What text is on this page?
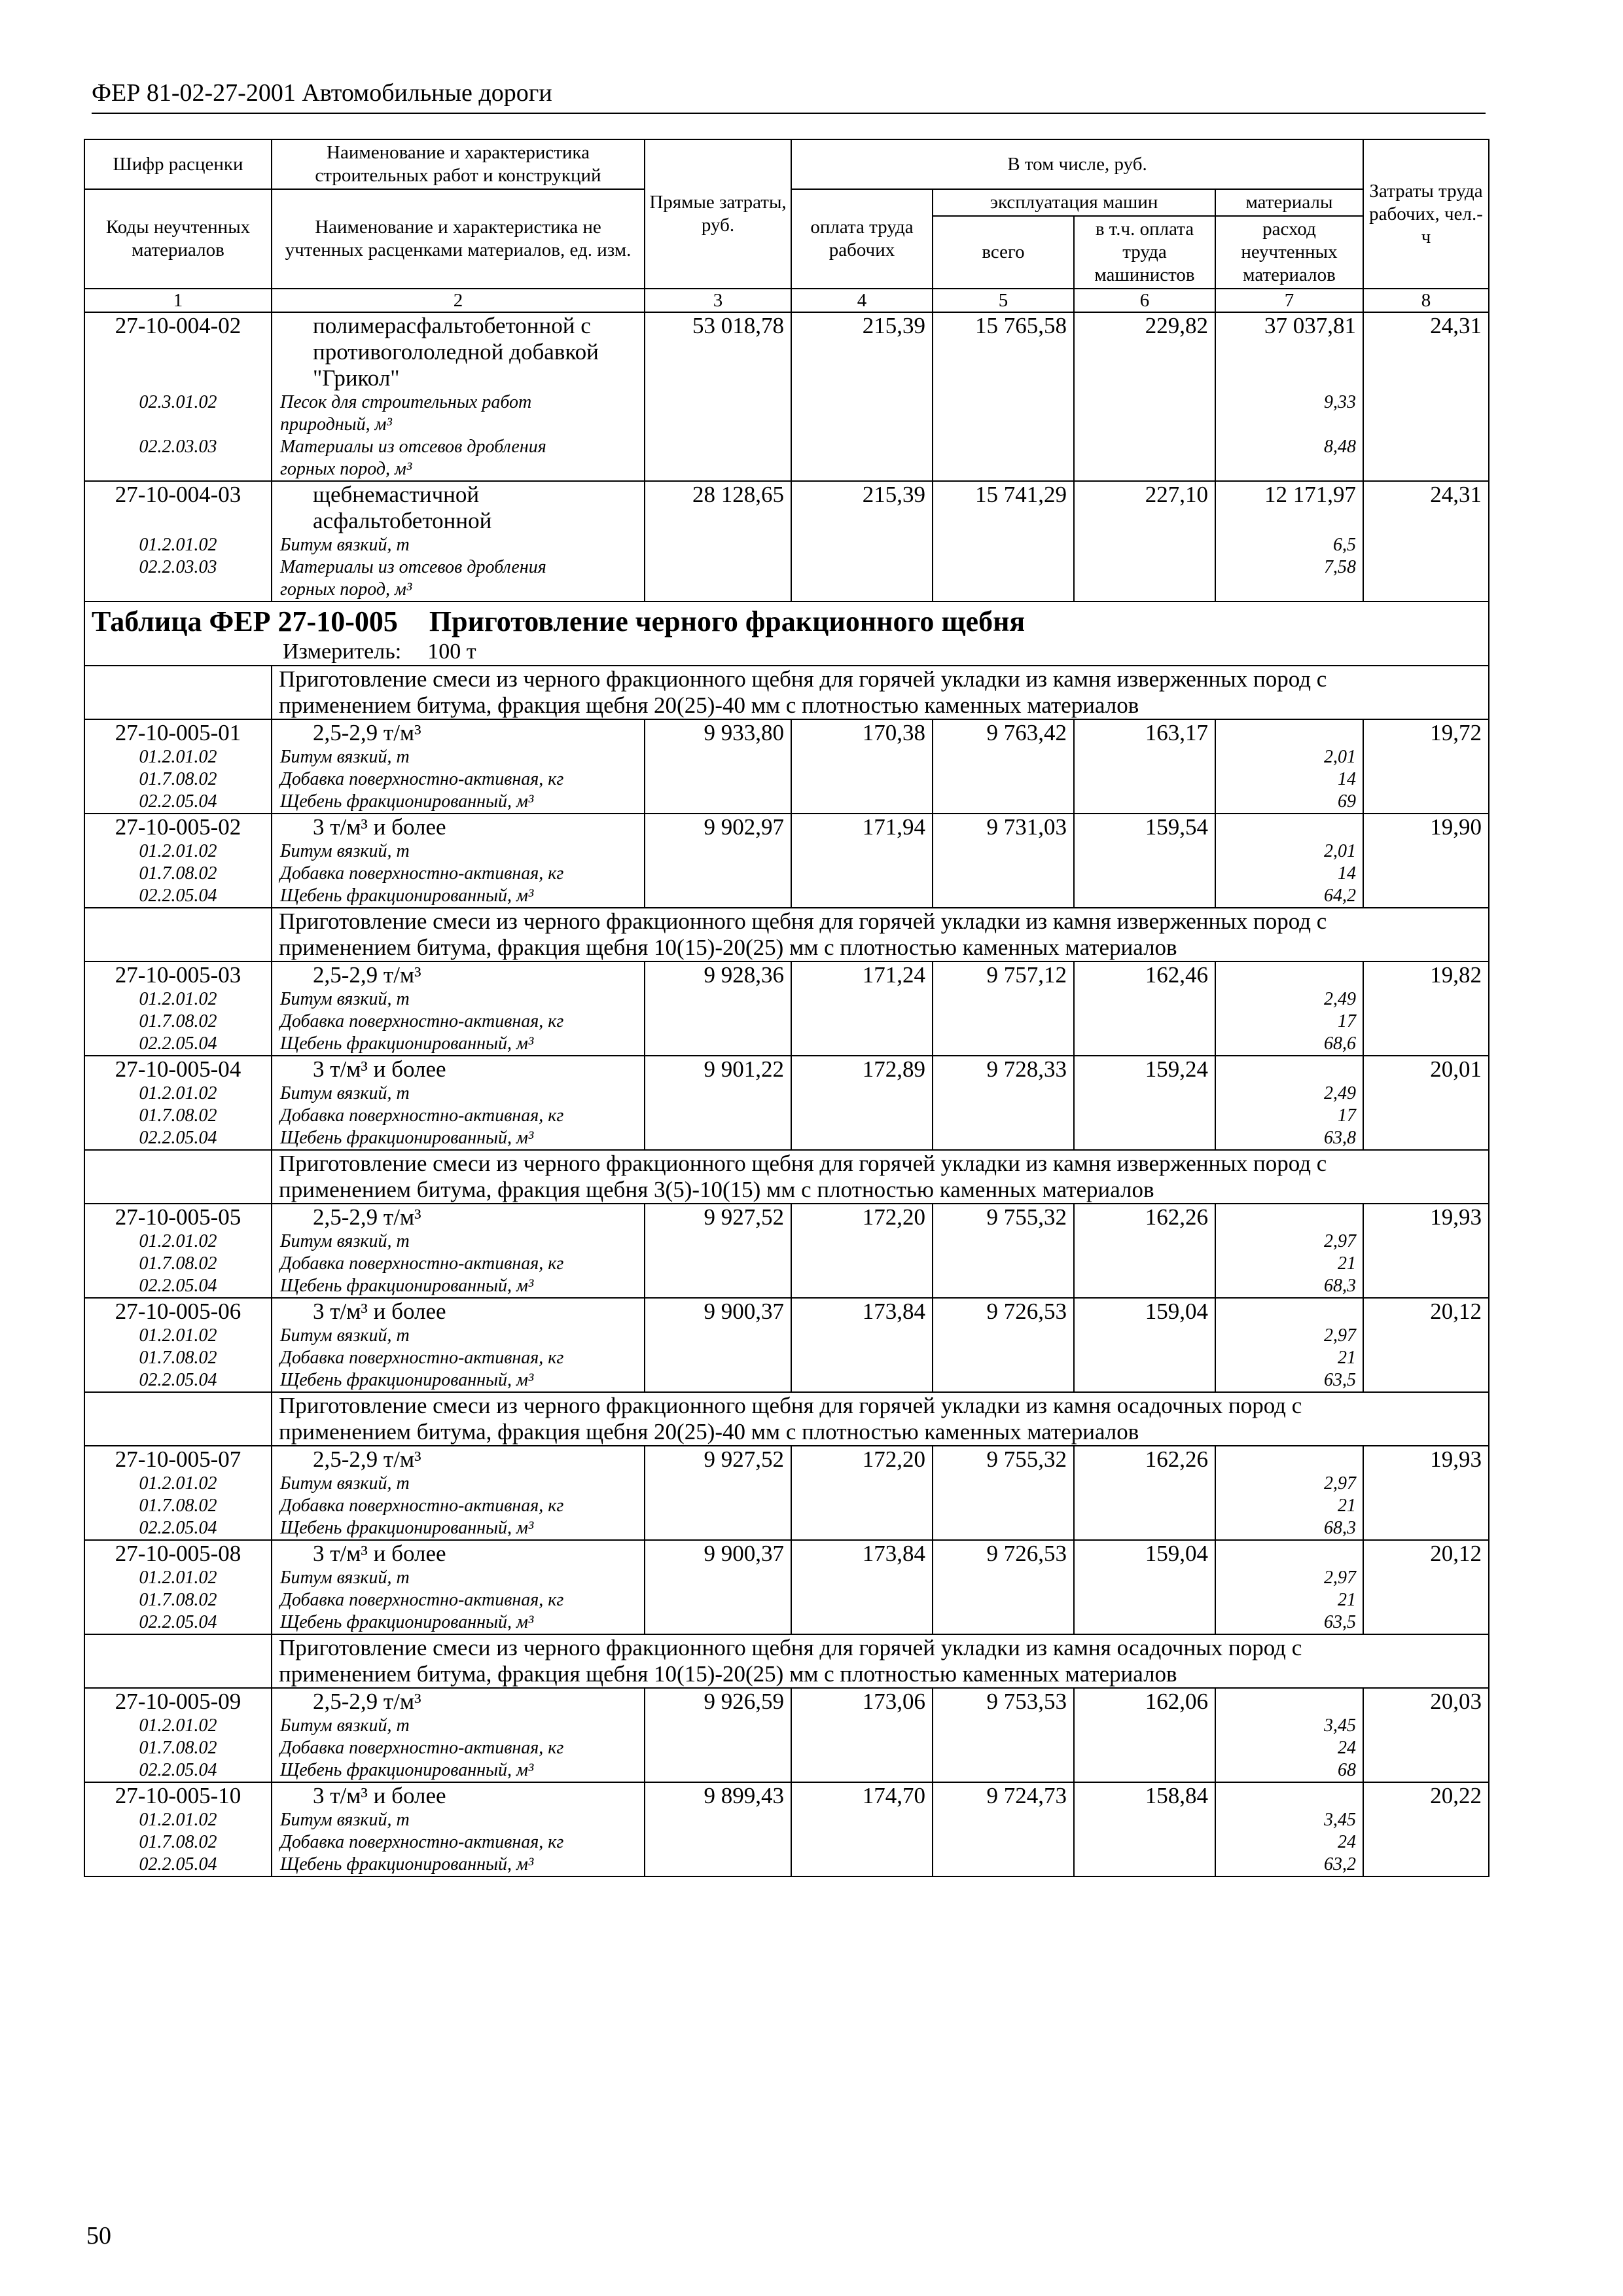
ФЕР 81-02-27-2001 Автомобильные дороги
Шифр расценки	Наименование и характеристика строительных работ и конструкций	Прямые затраты, руб.	В том числе, руб.				Затраты труда рабочих, чел.-ч
Коды неучтенных материалов	Наименование и характеристика не учтенных расценками материалов, ед. изм.		оплата труда рабочих	эксплуатация машин		материалы	
				всего	в т.ч. оплата труда машинистов	расход неучтенных материалов	
1	2	3	4	5	6	7	8
27-10-004-02	полимерасфальтобетонной с
противогололедной добавкой
"Грикол"	53 018,78	215,39	15 765,58	229,82	37 037,81	24,31
02.3.01.02	Песок для строительных работ
природный, м³					9,33	
02.2.03.03	Материалы из отсевов дробления
горных пород, м³					8,48	
27-10-004-03	щебнемастичной
асфальтобетонной	28 128,65	215,39	15 741,29	227,10	12 171,97	24,31
01.2.01.02	Битум вязкий, т					6,5	
02.2.03.03	Материалы из отсевов дробления
горных пород, м³					7,58	

Таблица ФЕР 27-10-005 Приготовление черного фракционного щебня
Измеритель: 100 т							

	Приготовление смеси из черного фракционного щебня для горячей укладки из камня изверженных пород с
применением битума, фракция щебня 20(25)-40 мм с плотностью каменных материалов						
27-10-005-01	2,5-2,9 т/м³	9 933,80	170,38	9 763,42	163,17		19,72
01.2.01.02	Битум вязкий, т					2,01	
01.7.08.02	Добавка поверхностно-активная, кг					14	
02.2.05.04	Щебень фракционированный, м³					69	
27-10-005-02	3 т/м³ и более	9 902,97	171,94	9 731,03	159,54		19,90
01.2.01.02	Битум вязкий, т					2,01	
01.7.08.02	Добавка поверхностно-активная, кг					14	
02.2.05.04	Щебень фракционированный, м³					64,2	
	Приготовление смеси из черного фракционного щебня для горячей укладки из камня изверженных пород с
применением битума, фракция щебня 10(15)-20(25) мм с плотностью каменных материалов						
27-10-005-03	2,5-2,9 т/м³	9 928,36	171,24	9 757,12	162,46		19,82
01.2.01.02	Битум вязкий, т					2,49	
01.7.08.02	Добавка поверхностно-активная, кг					17	
02.2.05.04	Щебень фракционированный, м³					68,6	
27-10-005-04	3 т/м³ и более	9 901,22	172,89	9 728,33	159,24		20,01
01.2.01.02	Битум вязкий, т					2,49	
01.7.08.02	Добавка поверхностно-активная, кг					17	
02.2.05.04	Щебень фракционированный, м³					63,8	
	Приготовление смеси из черного фракционного щебня для горячей укладки из камня изверженных пород с
применением битума, фракция щебня 3(5)-10(15) мм с плотностью каменных материалов						
27-10-005-05	2,5-2,9 т/м³	9 927,52	172,20	9 755,32	162,26		19,93
01.2.01.02	Битум вязкий, т					2,97	
01.7.08.02	Добавка поверхностно-активная, кг					21	
02.2.05.04	Щебень фракционированный, м³					68,3	
27-10-005-06	3 т/м³ и более	9 900,37	173,84	9 726,53	159,04		20,12
01.2.01.02	Битум вязкий, т					2,97	
01.7.08.02	Добавка поверхностно-активная, кг					21	
02.2.05.04	Щебень фракционированный, м³					63,5	
	Приготовление смеси из черного фракционного щебня для горячей укладки из камня осадочных пород с
применением битума, фракция щебня 20(25)-40 мм с плотностью каменных материалов						
27-10-005-07	2,5-2,9 т/м³	9 927,52	172,20	9 755,32	162,26		19,93
01.2.01.02	Битум вязкий, т					2,97	
01.7.08.02	Добавка поверхностно-активная, кг					21	
02.2.05.04	Щебень фракционированный, м³					68,3	
27-10-005-08	3 т/м³ и более	9 900,37	173,84	9 726,53	159,04		20,12
01.2.01.02	Битум вязкий, т					2,97	
01.7.08.02	Добавка поверхностно-активная, кг					21	
02.2.05.04	Щебень фракционированный, м³					63,5	
	Приготовление смеси из черного фракционного щебня для горячей укладки из камня осадочных пород с
применением битума, фракция щебня 10(15)-20(25) мм с плотностью каменных материалов						
27-10-005-09	2,5-2,9 т/м³	9 926,59	173,06	9 753,53	162,06		20,03
01.2.01.02	Битум вязкий, т					3,45	
01.7.08.02	Добавка поверхностно-активная, кг					24	
02.2.05.04	Щебень фракционированный, м³					68	
27-10-005-10	3 т/м³ и более	9 899,43	174,70	9 724,73	158,84		20,22
01.2.01.02	Битум вязкий, т					3,45	
01.7.08.02	Добавка поверхностно-активная, кг					24	
02.2.05.04	Щебень фракционированный, м³					63,2	
50
